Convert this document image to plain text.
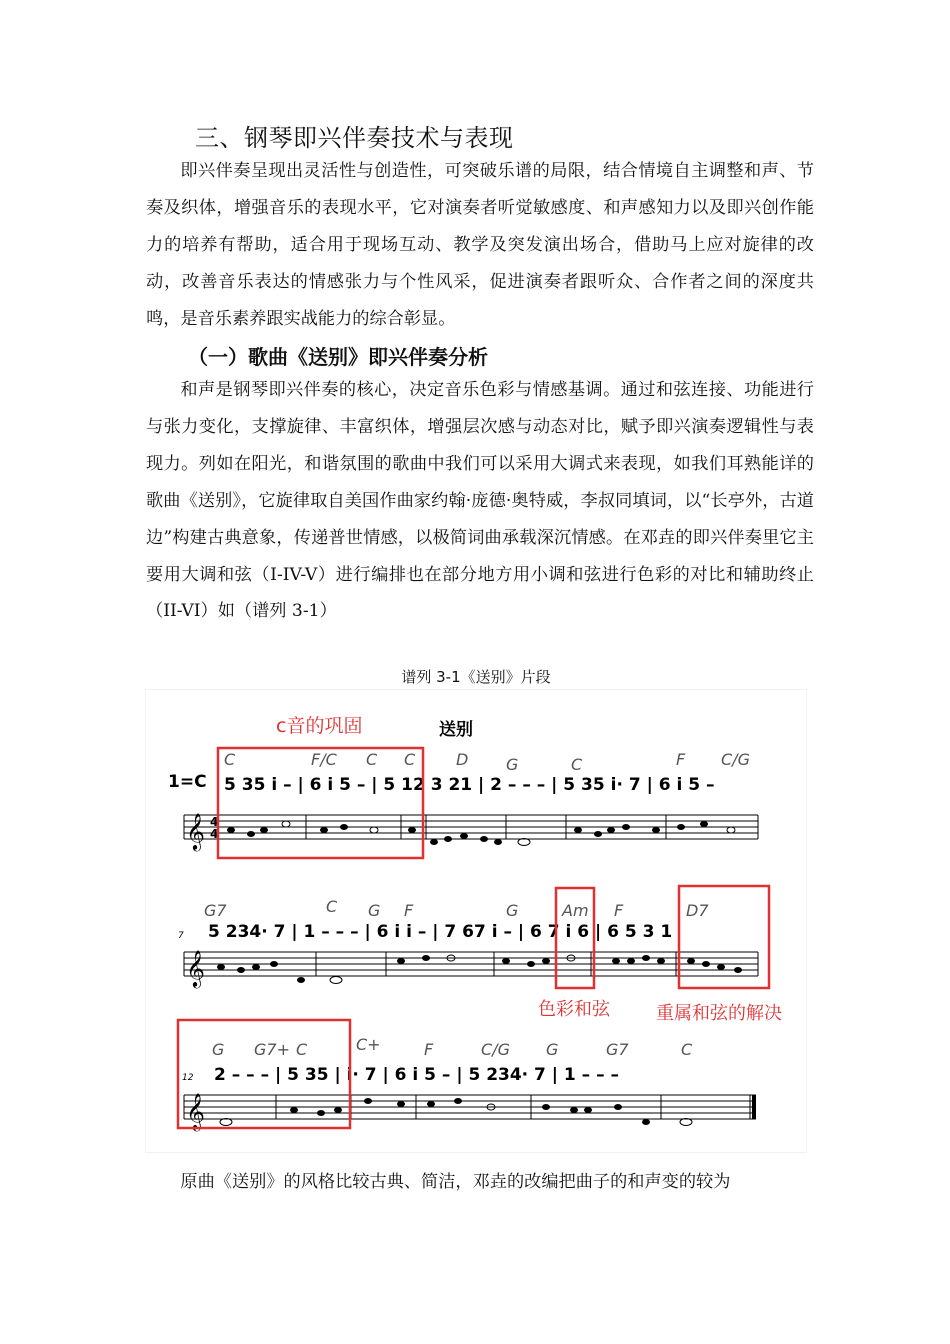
三、钢琴即兴伴奏技术与表现

即兴伴奏呈现出灵活性与创造性，可突破乐谱的局限，结合情境自主调整和声、节奏及织体，增强音乐的表现水平，它对演奏者听觉敏感度、和声感知力以及即兴创作能力的培养有帮助，适合用于现场互动、教学及突发演出场合，借助马上应对旋律的改动，改善音乐表达的情感张力与个性风采，促进演奏者跟听众、合作者之间的深度共鸣，是音乐素养跟实战能力的综合彰显。

（一）歌曲《送别》即兴伴奏分析

和声是钢琴即兴伴奏的核心，决定音乐色彩与情感基调。通过和弦连接、功能进行与张力变化，支撑旋律、丰富织体，增强层次感与动态对比，赋予即兴演奏逻辑性与表现力。列如在阳光，和谐氛围的歌曲中我们可以采用大调式来表现，如我们耳熟能详的歌曲《送别》，它旋律取自美国作曲家约翰·庞德·奥特威，李叔同填词，以“长亭外，古道边”构建古典意象，传递普世情感，以极简词曲承载深沉情感。在邓垚的即兴伴奏里它主要用大调和弦（I-IV-V）进行编排也在部分地方用小调和弦进行色彩的对比和辅助终止（II-VI）如（谱列 3-1）

谱列 3-1《送别》片段
送别
1=C
C	F/C C C	D G	C	F C/G
5 35 i – | 6 i 5 – | 5 12 3 21 | 2 – – – | 5 35 i· 7 | 6 i 5 –
𝄞 4
4
c音的巩固
7
G7	C G F	G	Am F	D7
5 234· 7 | 1 – – – | 6 i i – | 7 67 i – | 6 7 i 6 | 6 5 3 1
𝄞
色彩和弦	重属和弦的解决
12
G G7+ C	C+	F	C/G G	G7	C
2 – – – | 5 35 | i· 7 | 6 i 5 – | 5 234· 7 | 1 – – –
𝄞

原曲《送别》的风格比较古典、简洁，邓垚的改编把曲子的和声变的较为
